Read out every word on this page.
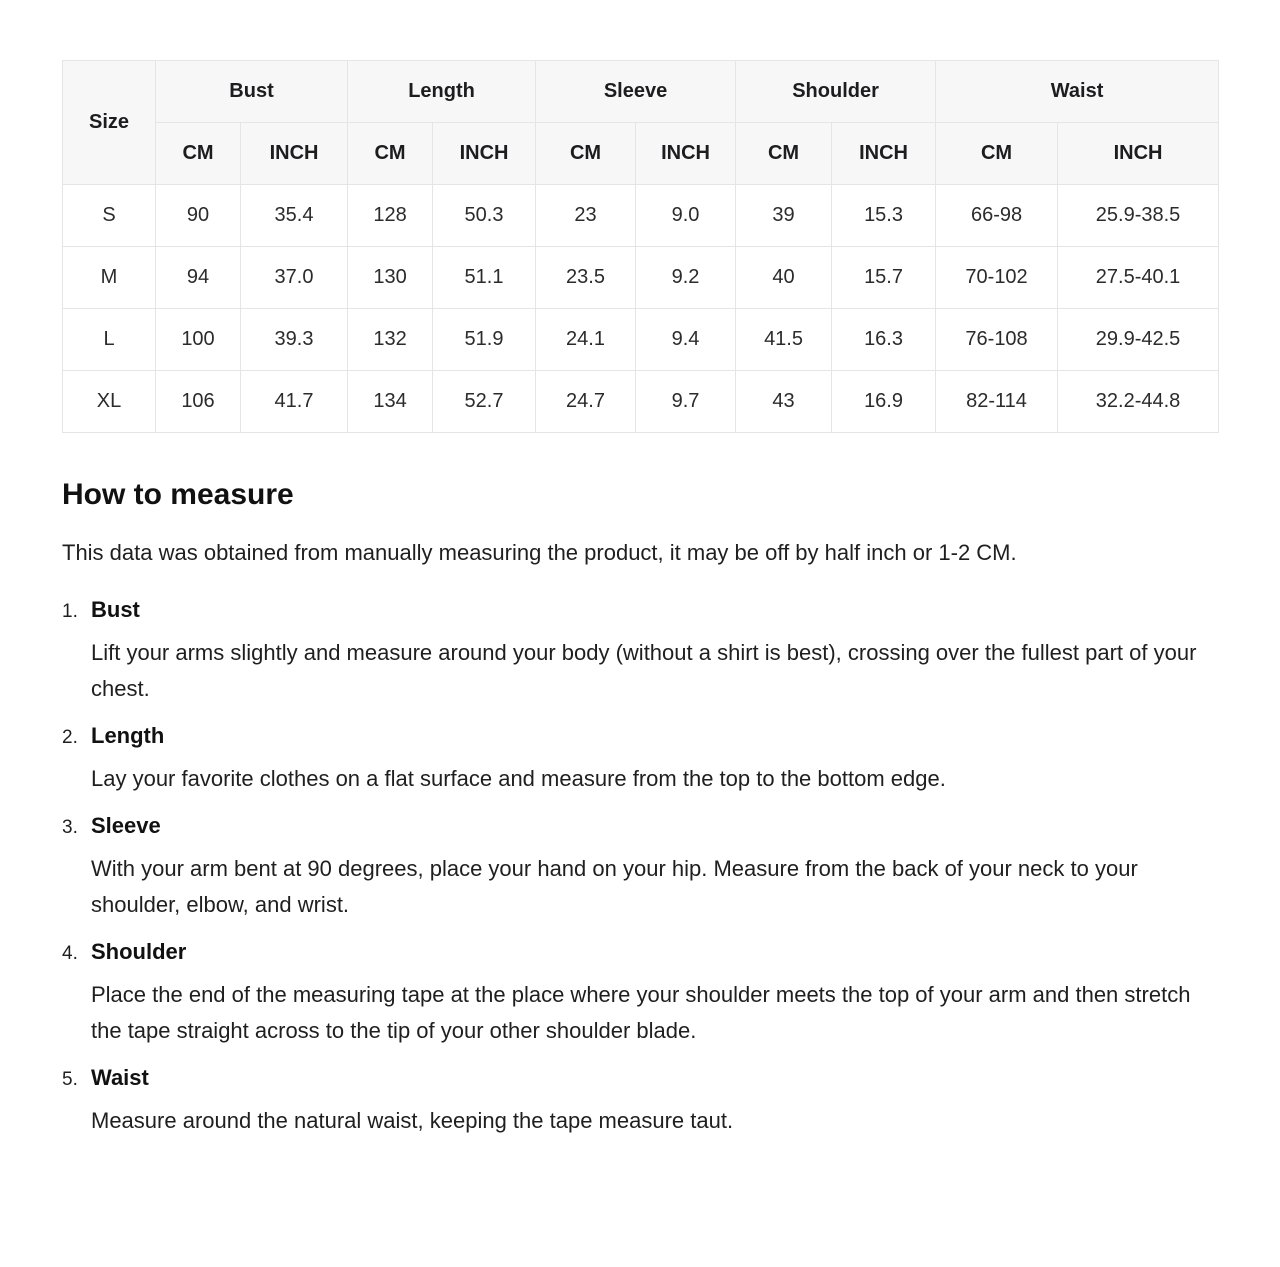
Size	Bust		Length		Sleeve		Shoulder		Waist	
	CM	INCH	CM	INCH	CM	INCH	CM	INCH	CM	INCH
S	90	35.4	128	50.3	23	9.0	39	15.3	66-98	25.9-38.5
M	94	37.0	130	51.1	23.5	9.2	40	15.7	70-102	27.5-40.1
L	100	39.3	132	51.9	24.1	9.4	41.5	16.3	76-108	29.9-42.5
XL	106	41.7	134	52.7	24.7	9.7	43	16.9	82-114	32.2-44.8
How to measure

This data was obtained from manually measuring the product, it may be off by half inch or 1-2 CM.

1. Bust
Lift your arms slightly and measure around your body (without a shirt is best), crossing over the fullest part of your chest.
2. Length
Lay your favorite clothes on a flat surface and measure from the top to the bottom edge.
3. Sleeve
With your arm bent at 90 degrees, place your hand on your hip. Measure from the back of your neck to your shoulder, elbow, and wrist.
4. Shoulder
Place the end of the measuring tape at the place where your shoulder meets the top of your arm and then stretch the tape straight across to the tip of your other shoulder blade.
5. Waist
Measure around the natural waist, keeping the tape measure taut.
